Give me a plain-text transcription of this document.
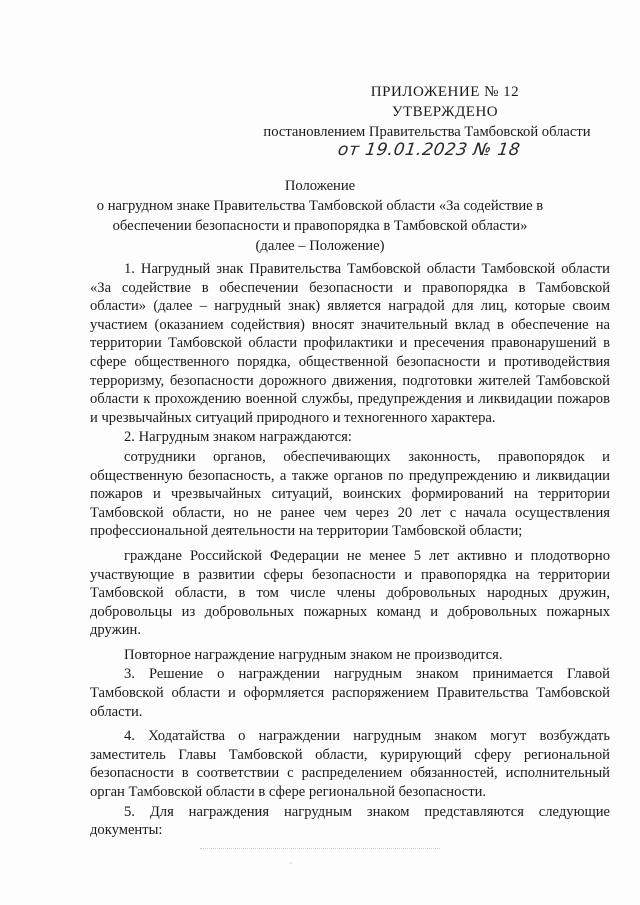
ПРИЛОЖЕНИЕ № 12
УТВЕРЖДЕНО
постановлением Правительства Тамбовской области
от 19.01.2023 № 18
Положение
о нагрудном знаке Правительства Тамбовской области «За содействие в
обеспечении безопасности и правопорядка в Тамбовской области»
(далее – Положение)

1. Нагрудный знак Правительства Тамбовской области Тамбовской области «За содействие в обеспечении безопасности и правопорядка в Тамбовской области» (далее – нагрудный знак) является наградой для лиц, которые своим участием (оказанием содействия) вносят значительный вклад в обеспечение на территории Тамбовской области профилактики и пресечения правонарушений в сфере общественного порядка, общественной безопасности и противодействия терроризму, безопасности дорожного движения, подготовки жителей Тамбовской области к прохождению военной службы, предупреждения и ликвидации пожаров и чрезвычайных ситуаций природного и техногенного характера.

2. Нагрудным знаком награждаются:

сотрудники органов, обеспечивающих законность, правопорядок и общественную безопасность, а также органов по предупреждению и ликвидации пожаров и чрезвычайных ситуаций, воинских формирований на территории Тамбовской области, но не ранее чем через 20 лет с начала осуществления профессиональной деятельности на территории Тамбовской области;

граждане Российской Федерации не менее 5 лет активно и плодотворно участвующие в развитии сферы безопасности и правопорядка на территории Тамбовской области, в том числе члены добровольных народных дружин, добровольцы из добровольных пожарных команд и добровольных пожарных дружин.

Повторное награждение нагрудным знаком не производится.

3. Решение о награждении нагрудным знаком принимается Главой Тамбовской области и оформляется распоряжением Правительства Тамбовской области.

4. Ходатайства о награждении нагрудным знаком могут возбуждать заместитель Главы Тамбовской области, курирующий сферу региональной безопасности в соответствии с распределением обязанностей, исполнительный орган Тамбовской области в сфере региональной безопасности.

5. Для награждения нагрудным знаком представляются следующие документы:
